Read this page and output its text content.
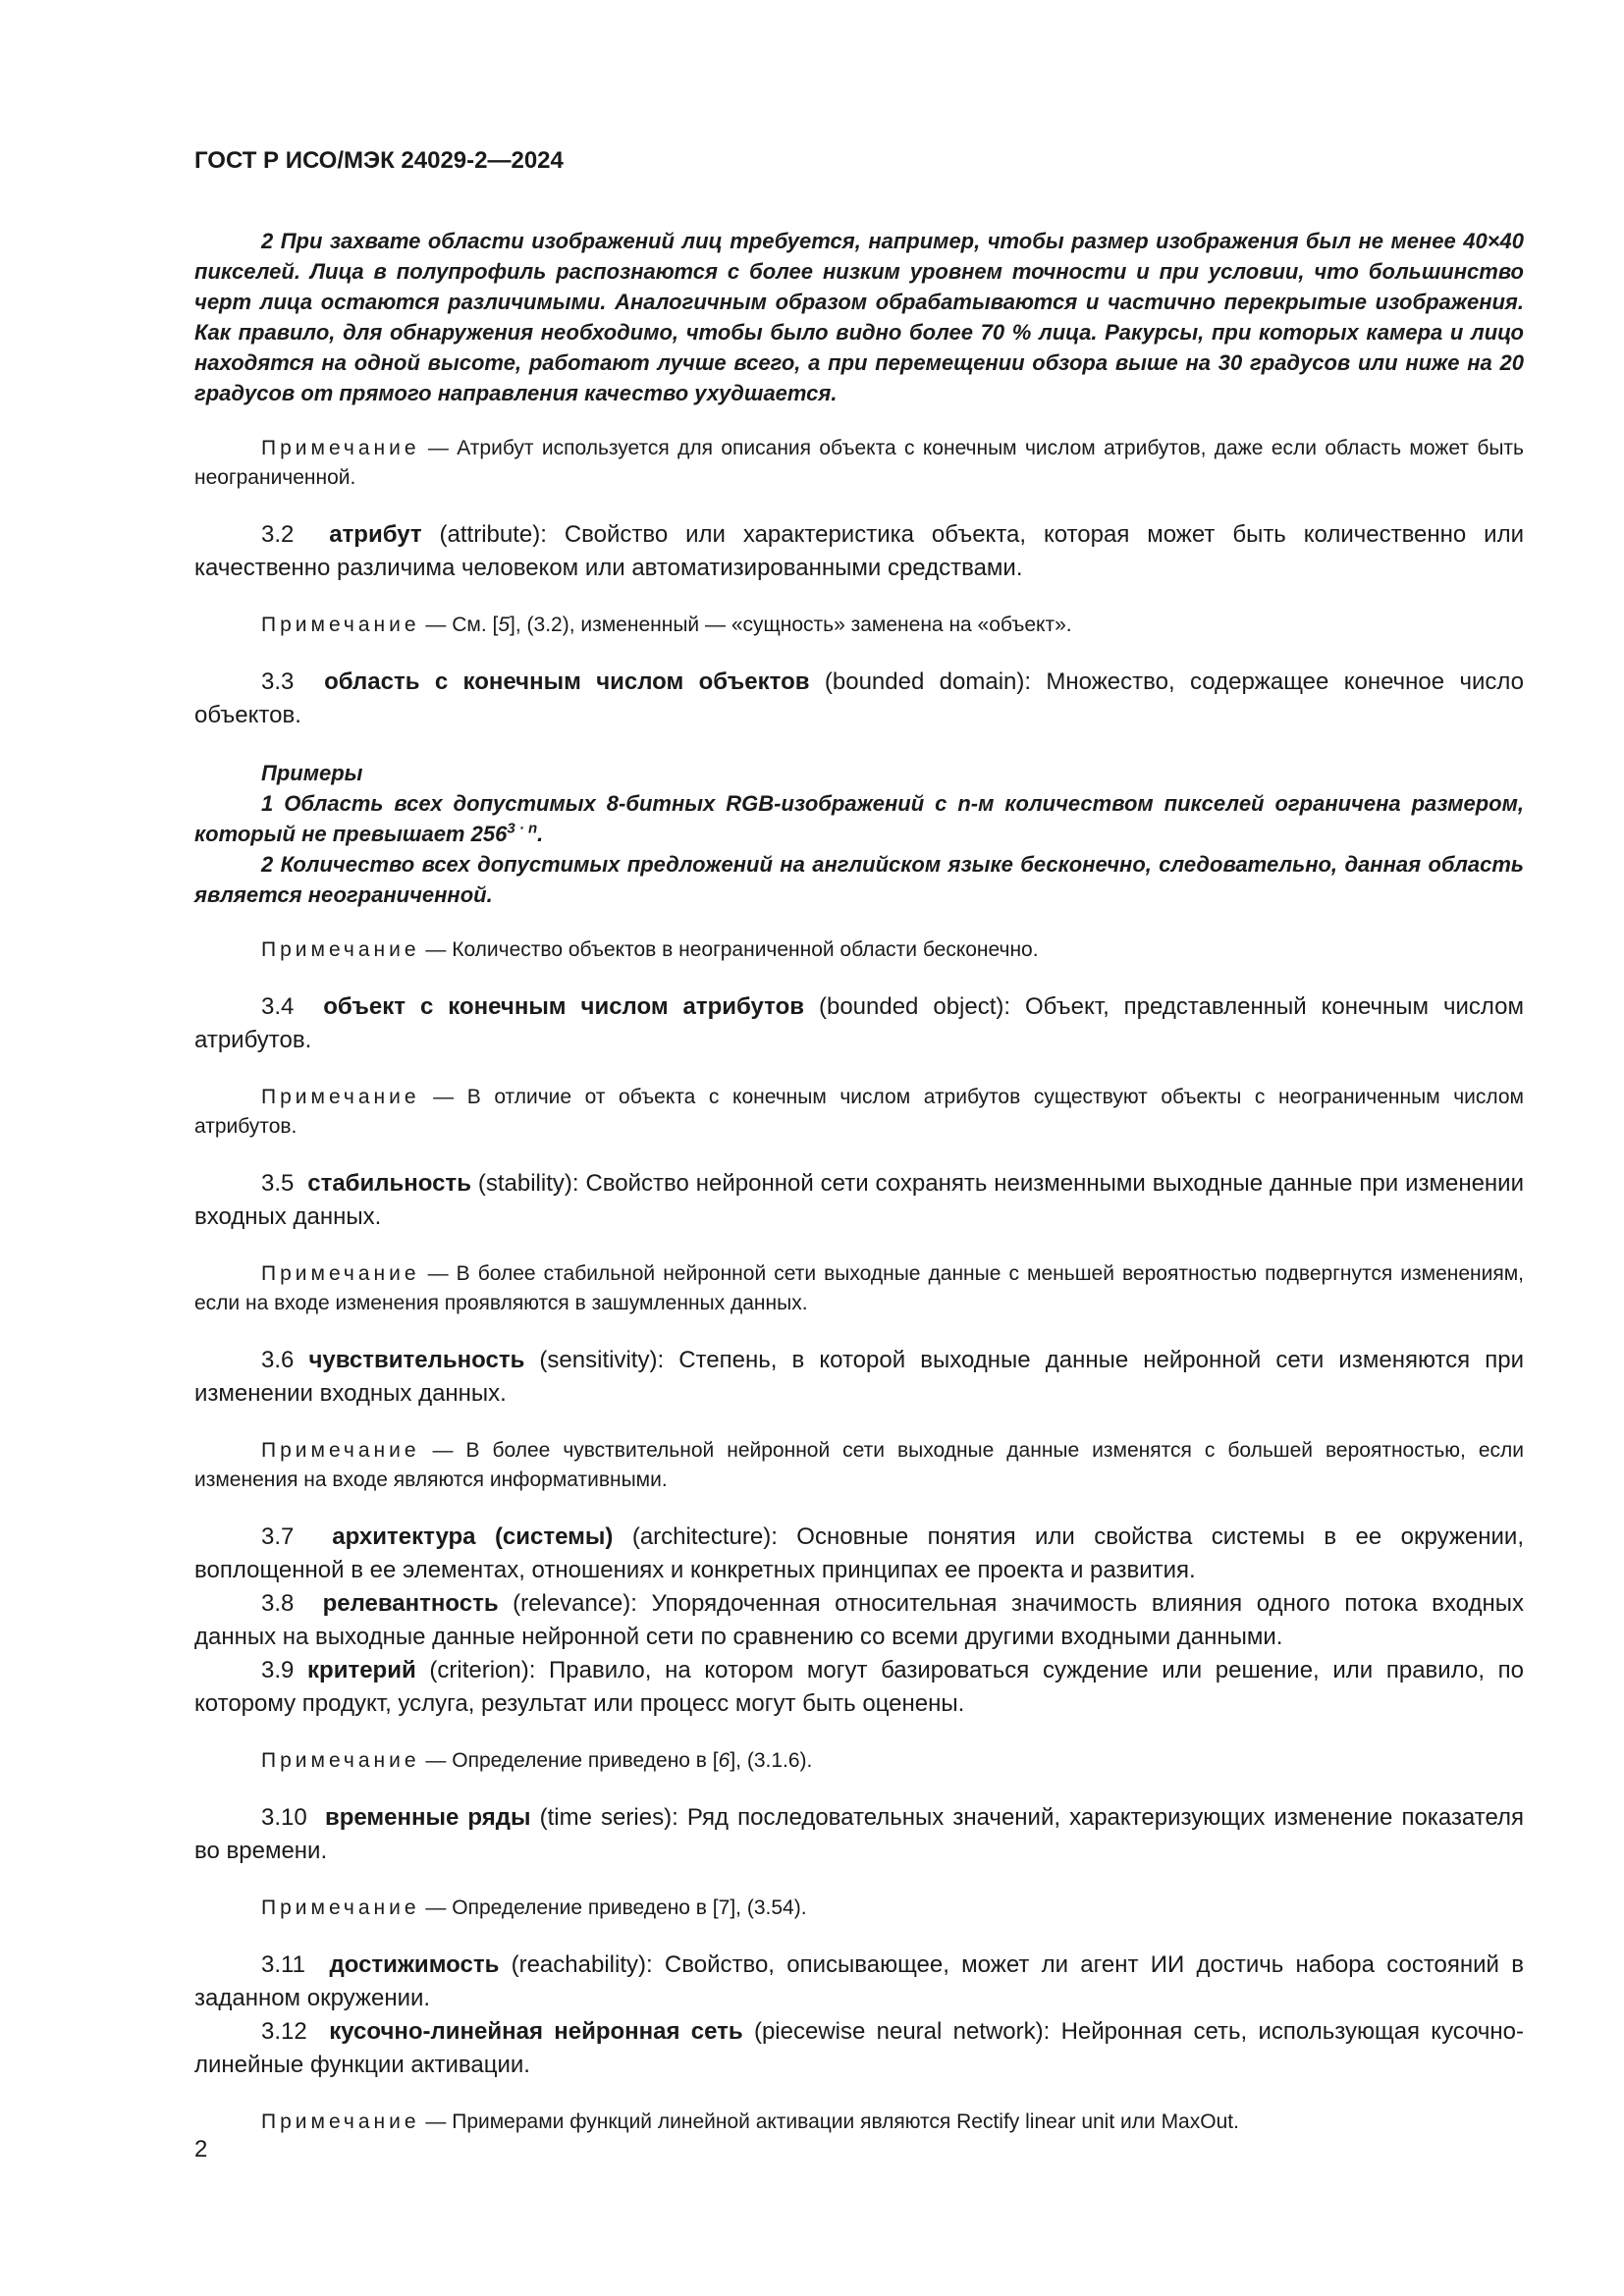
ГОСТ Р ИСО/МЭК 24029-2—2024

2 При захвате области изображений лиц требуется, например, чтобы размер изображения был не менее 40×40 пикселей. Лица в полупрофиль распознаются с более низким уровнем точности и при условии, что большинство черт лица остаются различимыми. Аналогичным образом обрабатываются и частично перекрытые изображения. Как правило, для обнаружения необходимо, чтобы было видно более 70 % лица. Ракурсы, при которых камера и лицо находятся на одной высоте, работают лучше всего, а при перемещении обзора выше на 30 градусов или ниже на 20 градусов от прямого направления качество ухудшается.

Примечание — Атрибут используется для описания объекта с конечным числом атрибутов, даже если область может быть неограниченной.

3.2 атрибут (attribute): Свойство или характеристика объекта, которая может быть количественно или качественно различима человеком или автоматизированными средствами.

Примечание — См. [5], (3.2), измененный — «сущность» заменена на «объект».

3.3 область с конечным числом объектов (bounded domain): Множество, содержащее конечное число объектов.

Примеры

1 Область всех допустимых 8-битных RGB-изображений с n-м количеством пикселей ограничена размером, который не превышает $256^{3 \cdot n}$.

2 Количество всех допустимых предложений на английском языке бесконечно, следовательно, данная область является неограниченной.

Примечание — Количество объектов в неограниченной области бесконечно.

3.4 объект с конечным числом атрибутов (bounded object): Объект, представленный конечным числом атрибутов.

Примечание — В отличие от объекта с конечным числом атрибутов существуют объекты с неограниченным числом атрибутов.

3.5 стабильность (stability): Свойство нейронной сети сохранять неизменными выходные данные при изменении входных данных.

Примечание — В более стабильной нейронной сети выходные данные с меньшей вероятностью подвергнутся изменениям, если на входе изменения проявляются в зашумленных данных.

3.6 чувствительность (sensitivity): Степень, в которой выходные данные нейронной сети изменяются при изменении входных данных.

Примечание — В более чувствительной нейронной сети выходные данные изменятся с большей вероятностью, если изменения на входе являются информативными.

3.7 архитектура (системы) (architecture): Основные понятия или свойства системы в ее окружении, воплощенной в ее элементах, отношениях и конкретных принципах ее проекта и развития.

3.8 релевантность (relevance): Упорядоченная относительная значимость влияния одного потока входных данных на выходные данные нейронной сети по сравнению со всеми другими входными данными.

3.9 критерий (criterion): Правило, на котором могут базироваться суждение или решение, или правило, по которому продукт, услуга, результат или процесс могут быть оценены.

Примечание — Определение приведено в [6], (3.1.6).

3.10 временные ряды (time series): Ряд последовательных значений, характеризующих изменение показателя во времени.

Примечание — Определение приведено в [7], (3.54).

3.11 достижимость (reachability): Свойство, описывающее, может ли агент ИИ достичь набора состояний в заданном окружении.

3.12 кусочно-линейная нейронная сеть (piecewise neural network): Нейронная сеть, использующая кусочно-линейные функции активации.

Примечание — Примерами функций линейной активации являются Rectify linear unit или MaxOut.

2
